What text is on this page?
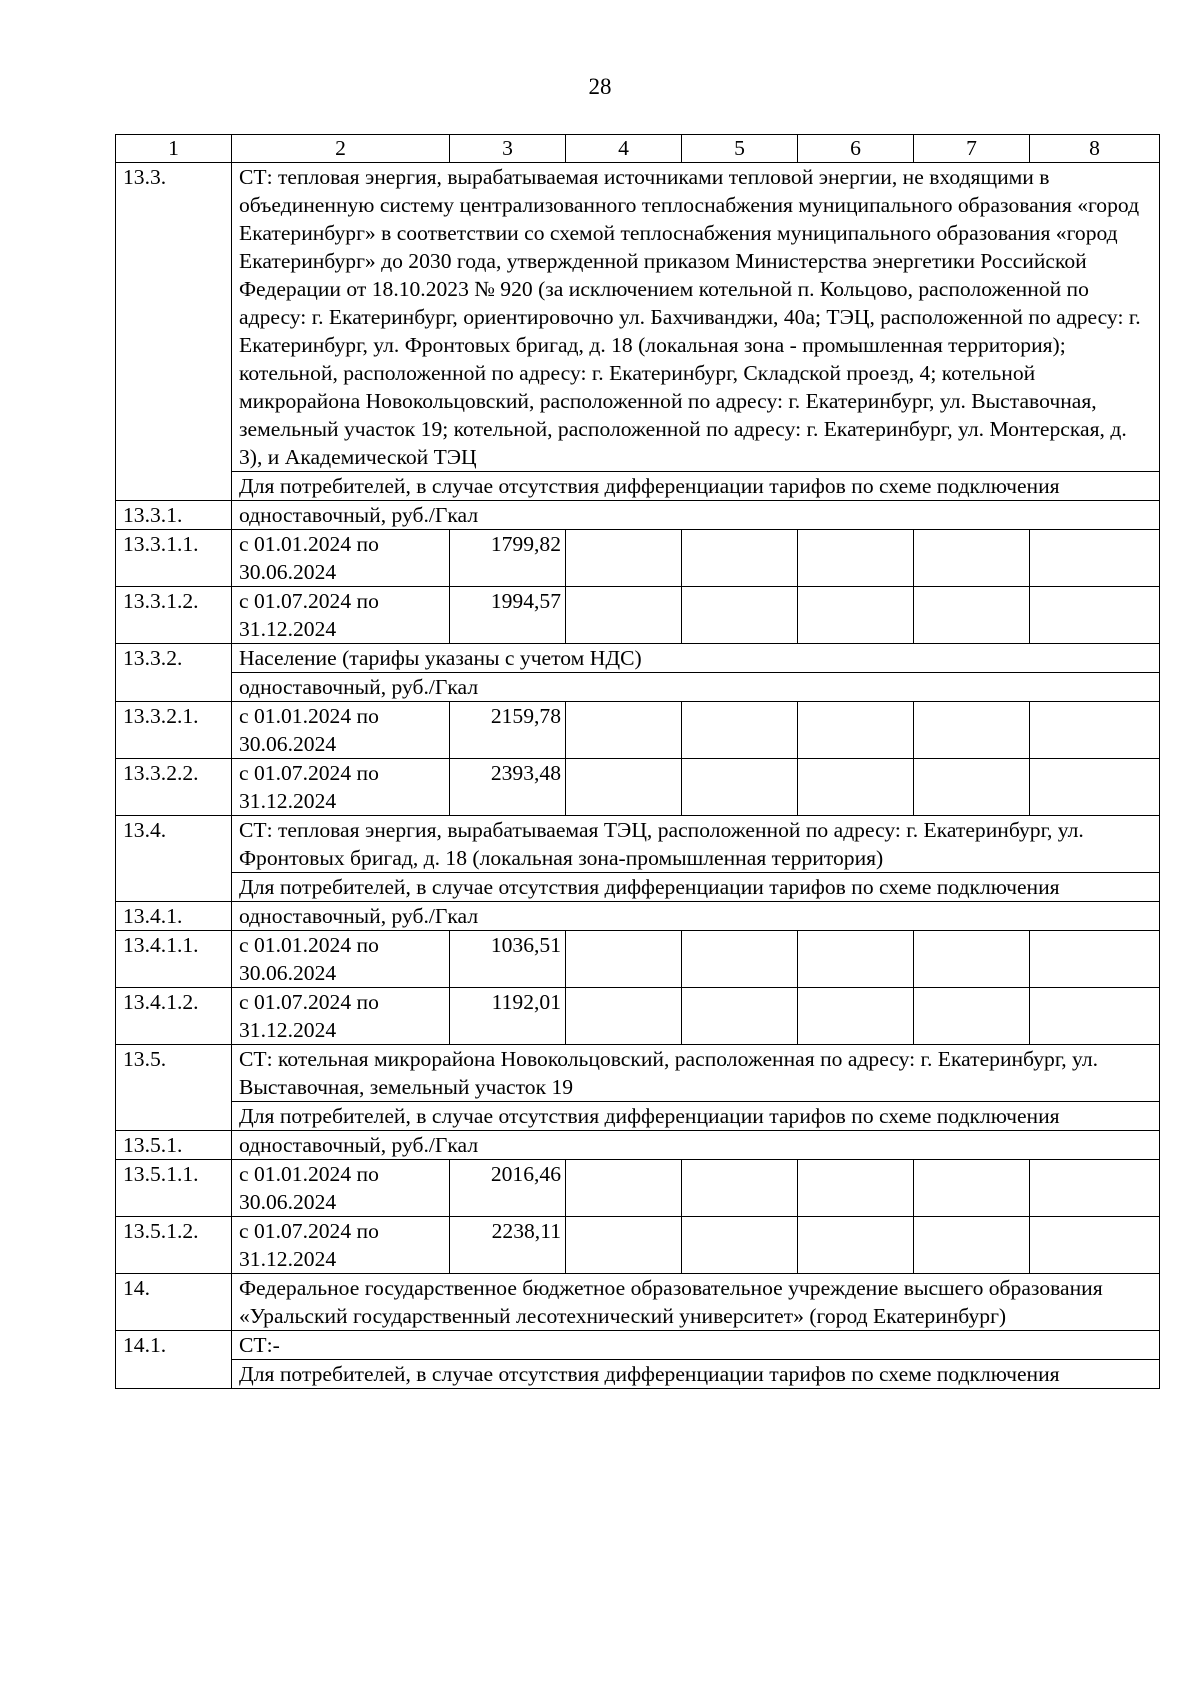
28
1	2	3	4	5	6	7	8
13.3.	СТ: тепловая энергия, вырабатываемая источниками тепловой энергии, не входящими в объединенную систему централизованного теплоснабжения муниципального образования «город Екатеринбург» в соответствии со схемой теплоснабжения муниципального образования «город Екатеринбург» до 2030 года, утвержденной приказом Министерства энергетики Российской Федерации от 18.10.2023 № 920 (за исключением котельной п. Кольцово, расположенной по адресу: г. Екатеринбург, ориентировочно ул. Бахчиванджи, 40а; ТЭЦ, расположенной по адресу: г. Екатеринбург, ул. Фронтовых бригад, д. 18 (локальная зона - промышленная территория); котельной, расположенной по адресу: г. Екатеринбург, Складской проезд, 4; котельной микрорайона Новокольцовский, расположенной по адресу: г. Екатеринбург, ул. Выставочная, земельный участок 19; котельной, расположенной по адресу: г. Екатеринбург, ул. Монтерская, д. 3), и Академической ТЭЦ						
	Для потребителей, в случае отсутствия дифференциации тарифов по схеме подключения						
13.3.1.	одноставочный, руб./Гкал						
13.3.1.1.	с 01.01.2024 по 30.06.2024	1799,82					
13.3.1.2.	с 01.07.2024 по 31.12.2024	1994,57					
13.3.2.	Население (тарифы указаны с учетом НДС)						
	одноставочный, руб./Гкал						
13.3.2.1.	с 01.01.2024 по 30.06.2024	2159,78					
13.3.2.2.	с 01.07.2024 по 31.12.2024	2393,48					
13.4.	СТ: тепловая энергия, вырабатываемая ТЭЦ, расположенной по адресу: г. Екатеринбург, ул. Фронтовых бригад, д. 18 (локальная зона-промышленная территория)						
	Для потребителей, в случае отсутствия дифференциации тарифов по схеме подключения						
13.4.1.	одноставочный, руб./Гкал						
13.4.1.1.	с 01.01.2024 по 30.06.2024	1036,51					
13.4.1.2.	с 01.07.2024 по 31.12.2024	1192,01					
13.5.	СТ: котельная микрорайона Новокольцовский, расположенная по адресу: г. Екатеринбург, ул. Выставочная, земельный участок 19						
	Для потребителей, в случае отсутствия дифференциации тарифов по схеме подключения						
13.5.1.	одноставочный, руб./Гкал						
13.5.1.1.	с 01.01.2024 по 30.06.2024	2016,46					
13.5.1.2.	с 01.07.2024 по 31.12.2024	2238,11					
14.	Федеральное государственное бюджетное образовательное учреждение высшего образования «Уральский государственный лесотехнический университет» (город Екатеринбург)						
14.1.	СТ:-						
	Для потребителей, в случае отсутствия дифференциации тарифов по схеме подключения						
